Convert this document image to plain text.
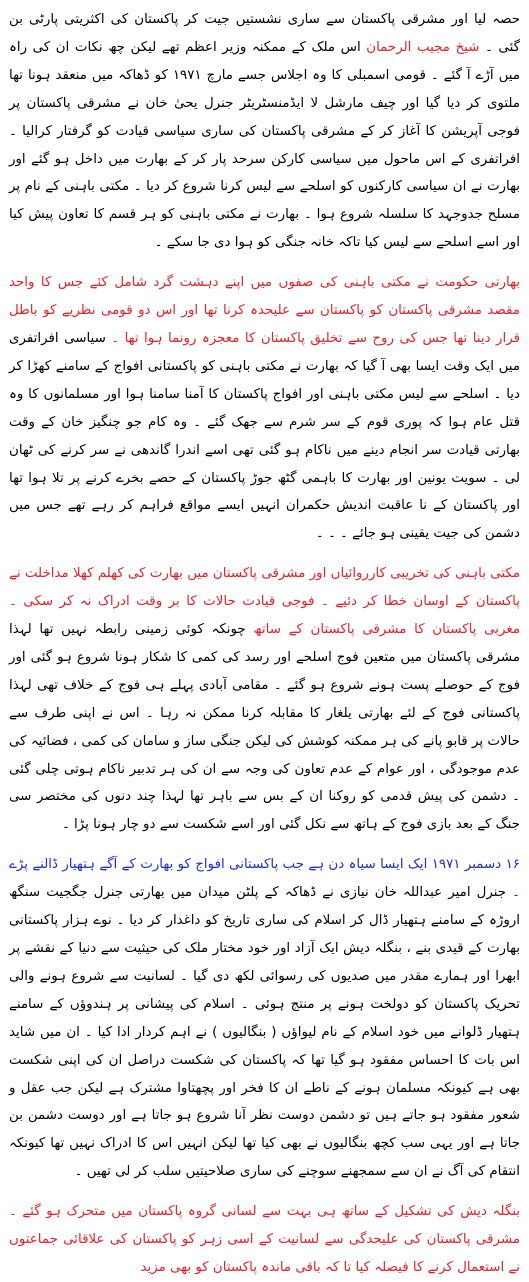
حصہ لیا اور مشرقی پاکستان سے ساری نشستیں جیت کر پاکستان کی اکثریتی پارٹی بن گئی ۔ شیخ مجیب الرحمان اس ملک کے ممکنہ وزیر اعظم تھے لیکن چھ نکات ان کی راہ میں آڑے آ گئے ۔ قومی اسمبلی کا وہ اجلاس جسے مارچ ۱۹۷۱ کو ڈھاکہ میں منعقد ہونا تھا ملتوی کر دیا گیا اور چیف مارشل لا ایڈمنسٹریٹر جنرل یحیٰ خان نے مشرقی پاکستان پر فوجی آپریشن کا آغاز کر کے مشرقی پاکستان کی ساری سیاسی قیادت کو گرفتار کرالیا ۔ افراتفری کے اس ماحول میں سیاسی کارکن سرحد پار کر کے بھارت میں داخل ہو گئے اور بھارت نے ان سیاسی کارکنوں کو اسلحے سے لیس کرنا شروع کر دیا ۔ مکتی باہنی کے نام پر مسلح جدوجہد کا سلسلہ شروع ہوا ۔ بھارت نے مکتی باہنی کو ہر قسم کا تعاون پیش کیا اور اسے اسلحے سے لیس کیا تاکہ خانہ جنگی کو ہوا دی جا سکے ۔

بھارتی حکومت نے مکتی باہنی کی صفوں میں اپنے دہشت گرد شامل کئے جس کا واحد مقصد مشرقی پاکستان کو پاکستان سے علیحدہ کرنا تھا اور اس دو قومی نظریے کو باطل قرار دینا تھا جس کی روح سے تخلیق پاکستان کا معجزہ رونما ہوا تھا ۔ سیاسی افراتفری میں ایک وقت ایسا بھی آ گیا کہ بھارت نے مکتی باہنی کو پاکستانی افواج کے سامنے کھڑا کر دیا ۔ اسلحے سے لیس مکتی باہنی اور افواج پاکستان کا آمنا سامنا ہوا اور مسلمانوں کا وہ قتل عام ہوا کہ پوری قوم کے سر شرم سے جھک گئے ۔ وہ کام جو چنگیز خان کے وقت بھارتی قیادت سر انجام دینے میں ناکام ہو گئی تھی اسے اندرا گاندھی نے سر کرنے کی ٹھان لی ۔ سویت یونین اور بھارت کا باہمی گٹھ جوڑ پاکستان کے حصے بخرے کرنے پر تلا ہوا تھا اور پاکستان کے نا عاقبت اندیش حکمران انہیں ایسے مواقع فراہم کر رہے تھے جس میں دشمن کی جیت یقینی ہو جائے ۔ ۔ ۔

مکتی باہنی کی تخریبی کارروائیاں اور مشرقی پاکستان میں بھارت کی کھلم کھلا مداخلت نے پاکستان کے اوسان خطا کر دئیے ۔ فوجی قیادت حالات کا بر وقت ادراک نہ کر سکی ۔ مغربی پاکستان کا مشرقی پاکستان کے ساتھ چونکہ کوئی زمینی رابطہ نہیں تھا لہذا مشرقی پاکستان میں متعین فوج اسلحے اور رسد کی کمی کا شکار ہونا شروع ہو گئی اور فوج کے حوصلے پست ہونے شروع ہو گئے ۔ مقامی آبادی پہلے ہی فوج کے خلاف تھی لہذا پاکستانی فوج کے لئے بھارتی یلغار کا مقابلہ کرنا ممکن نہ رہا ۔ اس نے اپنی طرف سے حالات پر قابو پانے کی ہر ممکنہ کوشش کی لیکن جنگی ساز و سامان کی کمی ، فضائیہ کی عدم موجودگی ، اور عوام کے عدم تعاون کی وجہ سے ان کی ہر تدبیر ناکام ہوتی چلی گئی ۔ دشمن کی پیش قدمی کو روکنا ان کے بس سے باہر تھا لہذا چند دنوں کی مختصر سی جنگ کے بعد بازی فوج کے ہاتھ سے نکل گئی اور اسے شکست سے دو چار ہونا پڑا ۔

۱۶ دسمبر ۱۹۷۱ ایک ایسا سیاہ دن ہے جب پاکستانی افواج کو بھارت کے آگے ہتھیار ڈالنے پڑے ۔ جنرل امیر عبداللہ خان نیازی نے ڈھاکہ کے پلٹن میدان میں بھارتی جنرل جگجیت سنگھ اروڑہ کے سامنے ہتھیار ڈال کر اسلام کی ساری تاریخ کو داغدار کر دیا ۔ نوے ہزار پاکستانی بھارت کے قیدی بنے ، بنگلہ دیش ایک آزاد اور خود مختار ملک کی حیثیت سے دنیا کے نقشے پر ابھرا اور ہمارے مقدر میں صدیوں کی رسوائی لکھ دی گیا ۔ لسانیت سے شروع ہونے والی تحریک پاکستان کو دولخت ہونے پر منتج ہوئی ۔ اسلام کی پیشانی پر ہندوؤں کے سامنے ہتھیار ڈلوانے میں خود اسلام کے نام لیواؤں ( بنگالیوں ) نے اہم کردار ادا کیا ۔ ان میں شاید اس بات کا احساس مفقود ہو گیا تھا کہ پاکستان کی شکست دراصل ان کی اپنی شکست بھی ہے کیونکہ مسلمان ہونے کے ناطے ان کا فخر اور پچھتاوا مشترک ہے لیکن جب عقل و شعور مفقود ہو جاتے ہیں تو دشمن دوست نظر آنا شروع ہو جاتا ہے اور دوست دشمن بن جاتا ہے اور یہی سب کچھ بنگالیوں نے بھی کیا تھا لیکن انہیں اس کا ادراک نہیں تھا کیونکہ انتقام کی آگ نے ان سے سمجھنے سوچنے کی ساری صلاحیتیں سلب کر لی تھیں ۔

بنگلہ دیش کی تشکیل کے ساتھ ہی بہت سے لسانی گروہ پاکستان میں متحرک ہو گئے ۔ مشرقی پاکستان کی علیحدگی سے لسانیت کے اسی زہر کو پاکستان کی علاقائی جماعتوں نے استعمال کرنے کا فیصلہ کیا تا کہ باقی ماندہ پاکستان کو بھی مزید
